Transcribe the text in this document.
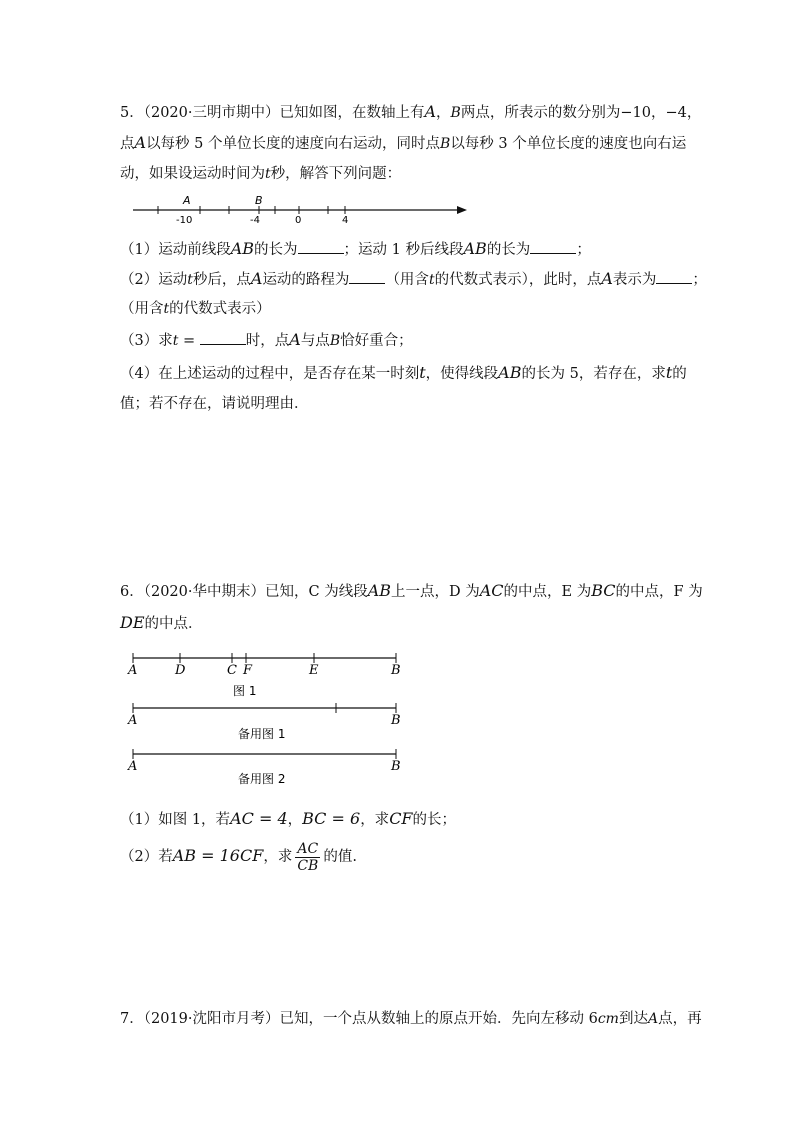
5．（2020·三明市期中）已知如图，在数轴上有A，B两点，所表示的数分别为−10，−4，
点A以每秒 5 个单位长度的速度向右运动，同时点B以每秒 3 个单位长度的速度也向右运
动，如果设运动时间为t秒，解答下列问题：
A	B
-10	-4	0	4
（1）运动前线段AB的长为	；运动 1 秒后线段AB的长为	；
（2）运动t秒后，点A运动的路程为 （用含t的代数式表示），此时，点A表示为 ；
（用含t的代数式表示）
（3）求t =	时，点A与点B恰好重合；
（4）在上述运动的过程中，是否存在某一时刻t，使得线段AB的长为 5，若存在，求t的
值；若不存在，请说明理由．
6．（2020·华中期末）已知，C 为线段AB上一点，D 为AC的中点，E 为BC的中点，F 为
DE的中点．
A	D	C F	E	B
图 1
A	B
备用图 1
A	B
备用图 2
（1）如图 1，若AC = 4，BC = 6，求CF的长；
（2）若AB = 16CF，求 $\frac{AC}{CB}$ 的值.
7．（2019·沈阳市月考）已知，一个点从数轴上的原点开始．先向左移动 6cm到达A点，再
